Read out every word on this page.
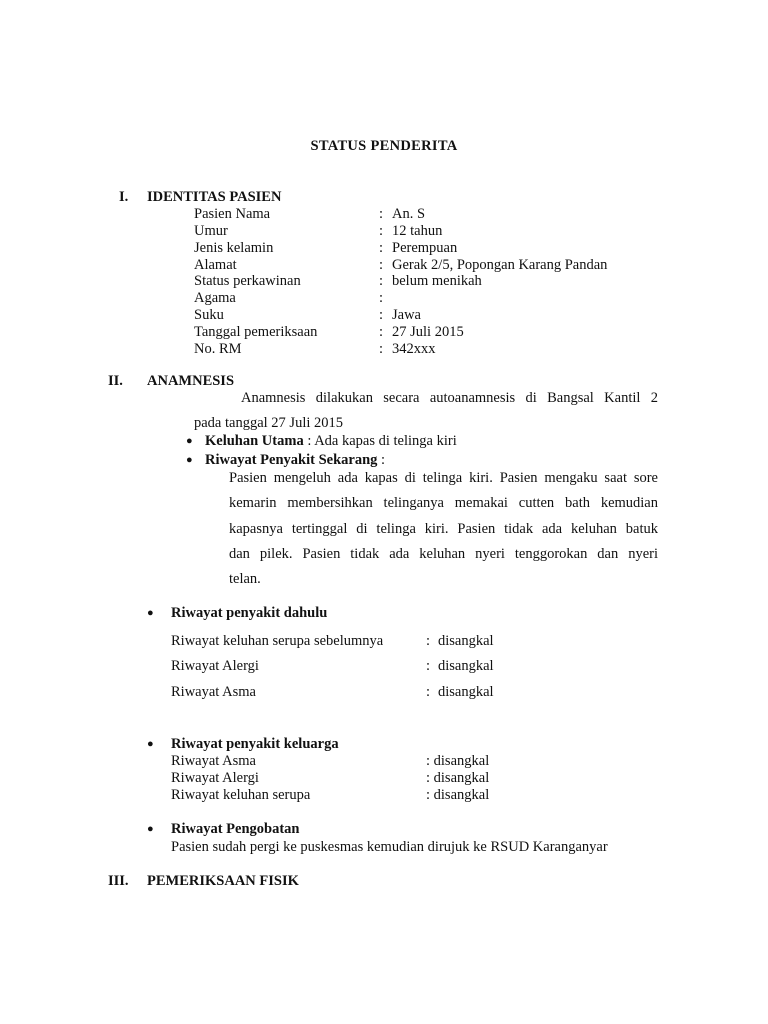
STATUS PENDERITA
I. IDENTITAS PASIEN
Pasien Nama	: An. S
Umur	: 12 tahun
Jenis kelamin	: Perempuan
Alamat	: Gerak 2/5, Popongan Karang Pandan
Status perkawinan	: belum menikah
Agama	:
Suku	: Jawa
Tanggal pemeriksaan	: 27 Juli 2015
No. RM	: 342xxx
II. ANAMNESIS
Anamnesis dilakukan secara autoanamnesis di Bangsal Kantil 2
pada tanggal 27 Juli 2015
● Keluhan Utama : Ada kapas di telinga kiri
● Riwayat Penyakit Sekarang :
Pasien mengeluh ada kapas di telinga kiri. Pasien mengaku saat sore
kemarin membersihkan telinganya memakai cutten bath kemudian
kapasnya tertinggal di telinga kiri. Pasien tidak ada keluhan batuk
dan pilek. Pasien tidak ada keluhan nyeri tenggorokan dan nyeri
telan.
● Riwayat penyakit dahulu
Riwayat keluhan serupa sebelumnya	: disangkal
Riwayat Alergi	: disangkal
Riwayat Asma	: disangkal
● Riwayat penyakit keluarga
Riwayat Asma	: disangkal
Riwayat Alergi	: disangkal
Riwayat keluhan serupa	: disangkal
● Riwayat Pengobatan
Pasien sudah pergi ke puskesmas kemudian dirujuk ke RSUD Karanganyar
III. PEMERIKSAAN FISIK
